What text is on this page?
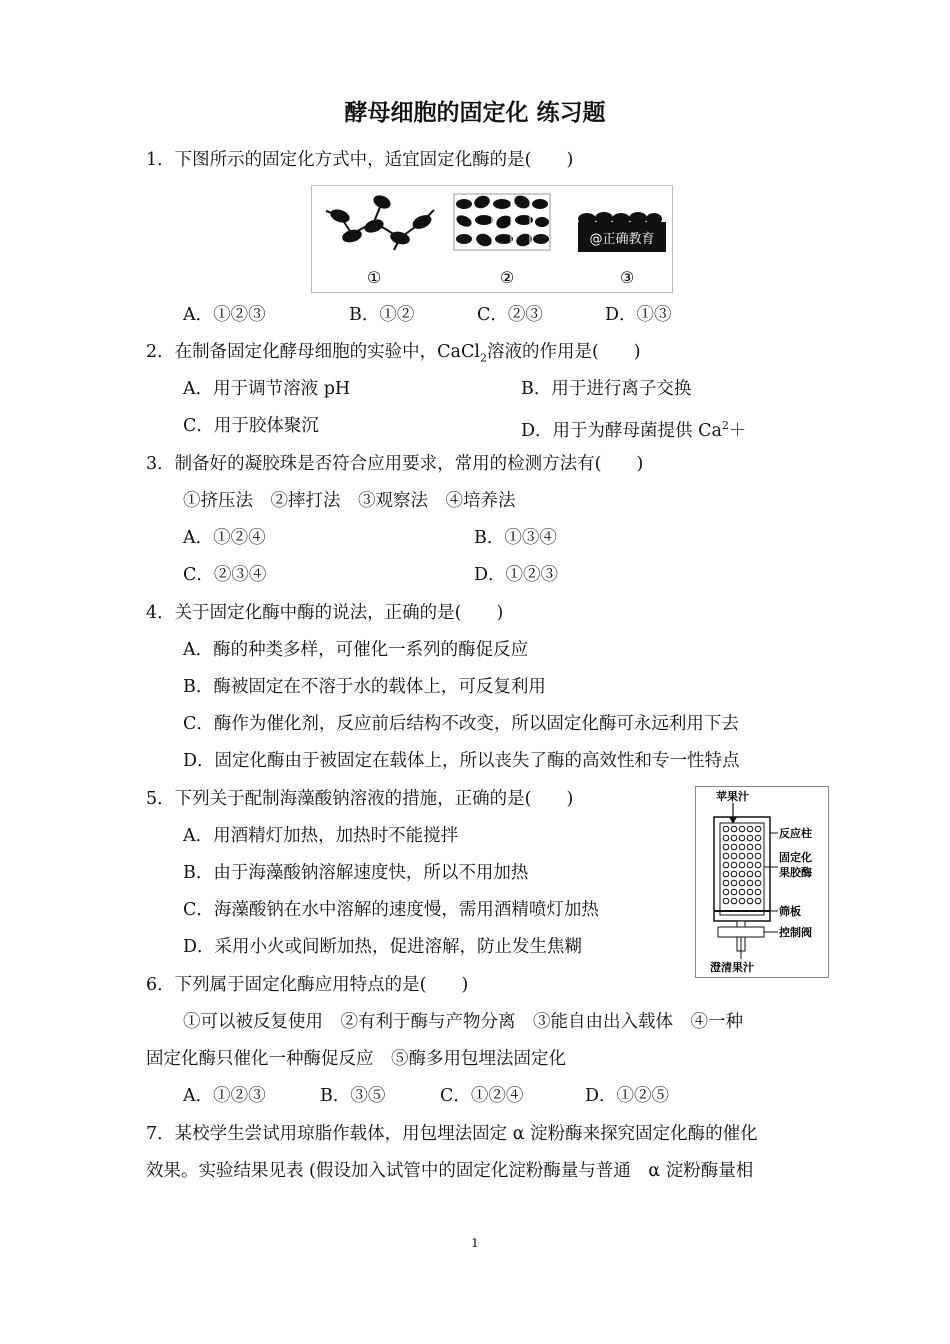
酵母细胞的固定化 练习题
1．下图所示的固定化方式中，适宜固定化酶的是(　　)
①	②
@正确教育
③
A．①②③	B．①②	C．②③	D．①③
2．在制备固定化酵母细胞的实验中，CaCl$_2$溶液的作用是(　　)
A．用于调节溶液 pH	B．用于进行离子交换
C．用于胶体聚沉	D．用于为酵母菌提供 $Ca^2+$
3．制备好的凝胶珠是否符合应用要求，常用的检测方法有(　　)
①挤压法　②摔打法　③观察法　④培养法
A．①②④	B．①③④
C．②③④	D．①②③
4．关于固定化酶中酶的说法，正确的是(　　)
A．酶的种类多样，可催化一系列的酶促反应
B．酶被固定在不溶于水的载体上，可反复利用
C．酶作为催化剂，反应前后结构不改变，所以固定化酶可永远利用下去
D．固定化酶由于被固定在载体上，所以丧失了酶的高效性和专一性特点
5．下列关于配制海藻酸钠溶液的措施，正确的是(　　)
A．用酒精灯加热，加热时不能搅拌
B．由于海藻酸钠溶解速度快，所以不用加热
C．海藻酸钠在水中溶解的速度慢，需用酒精喷灯加热
D．采用小火或间断加热，促进溶解，防止发生焦糊
苹果汁
反应柱
固定化
果胶酶
筛板
控制阀
澄清果汁
6．下列属于固定化酶应用特点的是(　　)
①可以被反复使用　②有利于酶与产物分离　③能自由出入载体　④一种
固定化酶只催化一种酶促反应　⑤酶多用包埋法固定化
A．①②③	B．③⑤	C．①②④	D．①②⑤
7．某校学生尝试用琼脂作载体，用包埋法固定 α 淀粉酶来探究固定化酶的催化
效果。实验结果见表 (假设加入试管中的固定化淀粉酶量与普通　α 淀粉酶量相
1
